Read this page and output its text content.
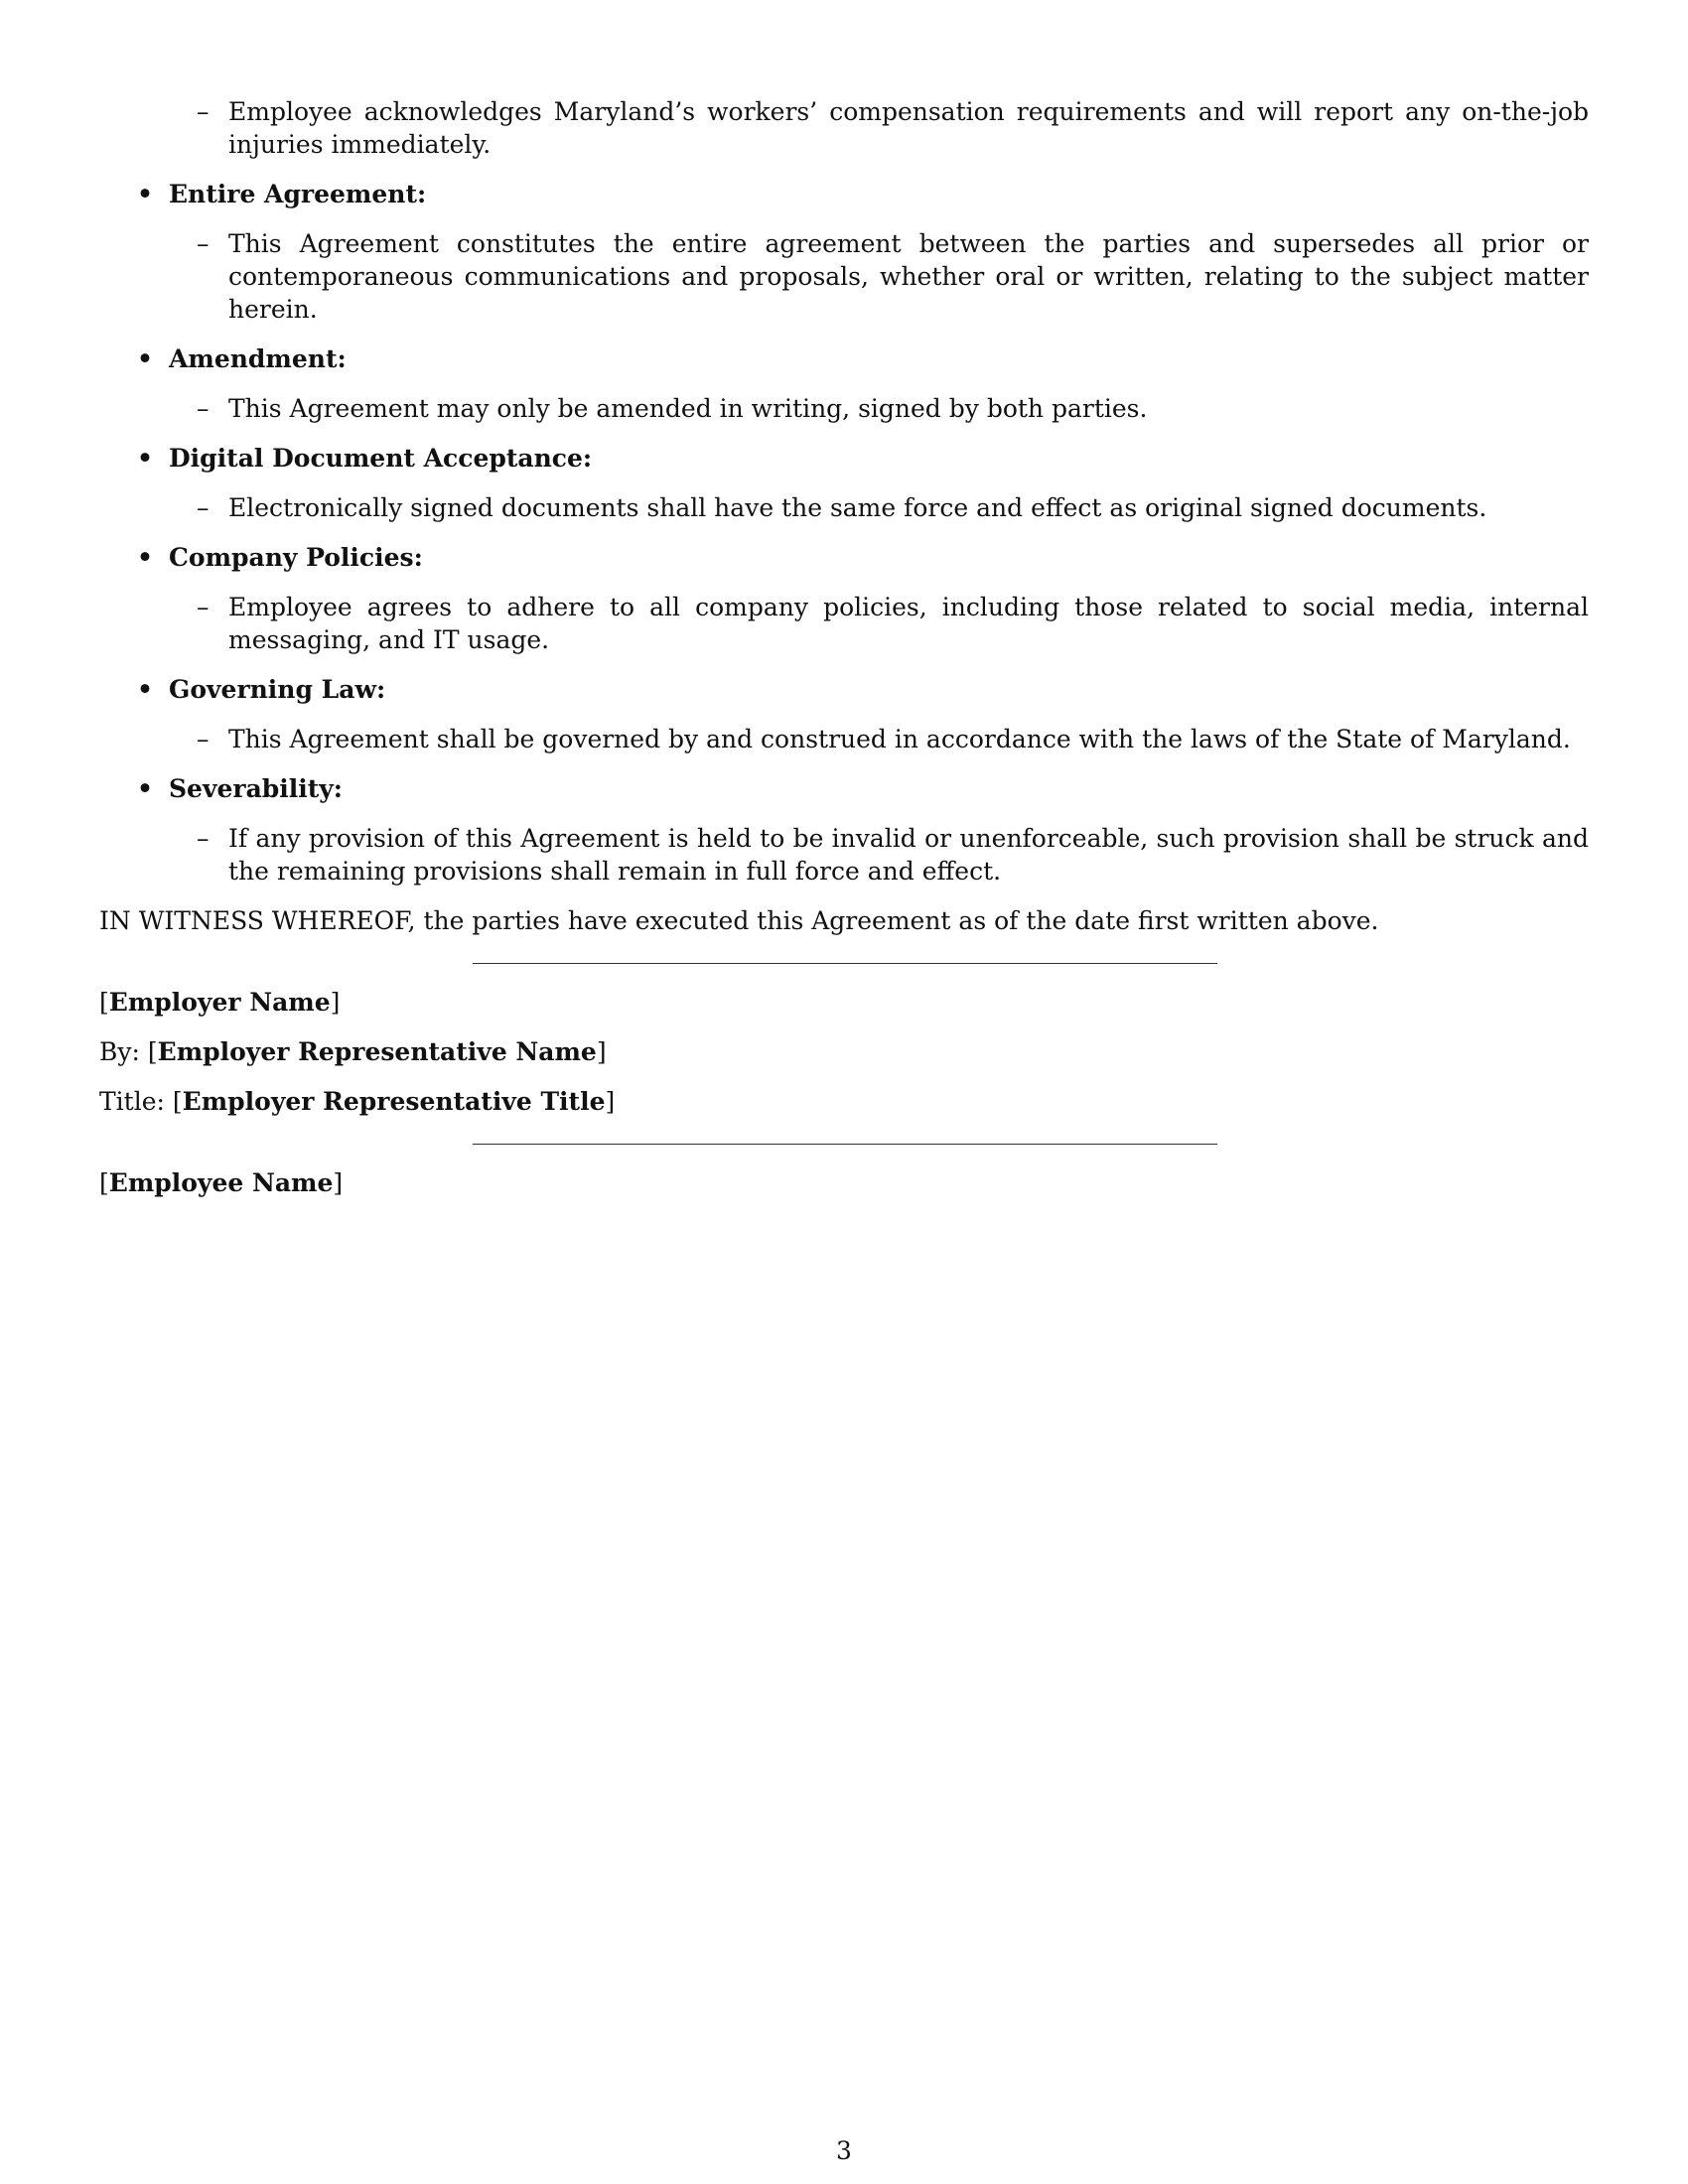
– Employee acknowledges Maryland’s workers’ compensation requirements and will report any on-the-job injuries immediately.
• Entire Agreement:
– This Agreement constitutes the entire agreement between the parties and supersedes all prior or contemporaneous communications and proposals, whether oral or written, relating to the subject matter herein.
• Amendment:
– This Agreement may only be amended in writing, signed by both parties.
• Digital Document Acceptance:
– Electronically signed documents shall have the same force and effect as original signed documents.
• Company Policies:
– Employee agrees to adhere to all company policies, including those related to social media, internal messaging, and IT usage.
• Governing Law:
– This Agreement shall be governed by and construed in accordance with the laws of the State of Maryland.
• Severability:
– If any provision of this Agreement is held to be invalid or unenforceable, such provision shall be struck and the remaining provisions shall remain in full force and effect.

IN WITNESS WHEREOF, the parties have executed this Agreement as of the date first written above.

[Employer Name]
By: [Employer Representative Name]
Title: [Employer Representative Title]
[Employee Name]
3
